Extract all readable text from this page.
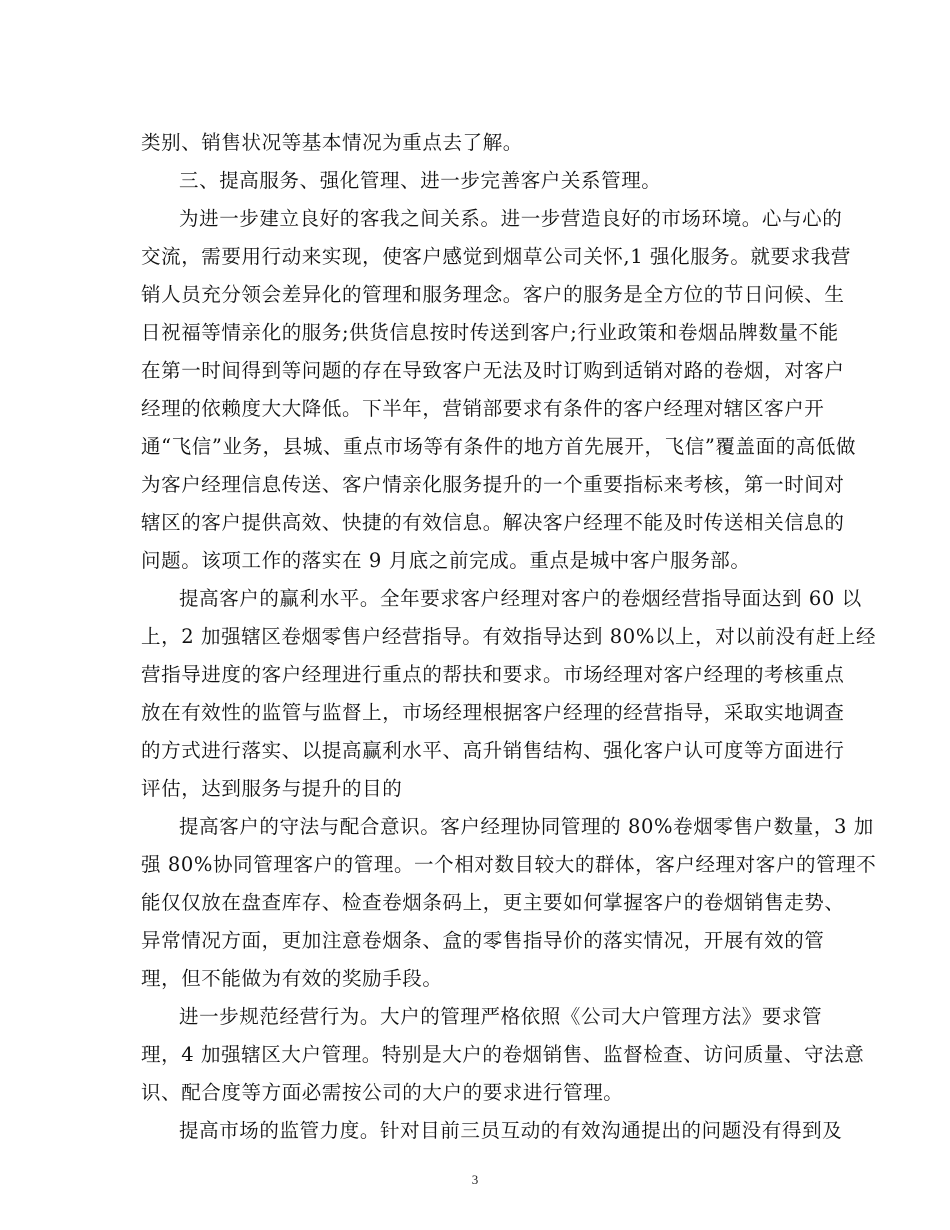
类别、销售状况等基本情况为重点去了解。
三、提高服务、强化管理、进一步完善客户关系管理。
为进一步建立良好的客我之间关系。进一步营造良好的市场环境。心与心的
交流，需要用行动来实现，使客户感觉到烟草公司关怀,1 强化服务。就要求我营
销人员充分领会差异化的管理和服务理念。客户的服务是全方位的节日问候、生
日祝福等情亲化的服务;供货信息按时传送到客户;行业政策和卷烟品牌数量不能
在第一时间得到等问题的存在导致客户无法及时订购到适销对路的卷烟，对客户
经理的依赖度大大降低。下半年，营销部要求有条件的客户经理对辖区客户开
通“飞信”业务，县城、重点市场等有条件的地方首先展开，飞信”覆盖面的高低做
为客户经理信息传送、客户情亲化服务提升的一个重要指标来考核，第一时间对
辖区的客户提供高效、快捷的有效信息。解决客户经理不能及时传送相关信息的
问题。该项工作的落实在 9 月底之前完成。重点是城中客户服务部。
提高客户的赢利水平。全年要求客户经理对客户的卷烟经营指导面达到 60 以
上，2 加强辖区卷烟零售户经营指导。有效指导达到 80%以上，对以前没有赶上经
营指导进度的客户经理进行重点的帮扶和要求。市场经理对客户经理的考核重点
放在有效性的监管与监督上，市场经理根据客户经理的经营指导，采取实地调查
的方式进行落实、以提高赢利水平、高升销售结构、强化客户认可度等方面进行
评估，达到服务与提升的目的
提高客户的守法与配合意识。客户经理协同管理的 80%卷烟零售户数量，3 加
强 80%协同管理客户的管理。一个相对数目较大的群体，客户经理对客户的管理不
能仅仅放在盘查库存、检查卷烟条码上，更主要如何掌握客户的卷烟销售走势、
异常情况方面，更加注意卷烟条、盒的零售指导价的落实情况，开展有效的管
理，但不能做为有效的奖励手段。
进一步规范经营行为。大户的管理严格依照《公司大户管理方法》要求管
理，4 加强辖区大户管理。特别是大户的卷烟销售、监督检查、访问质量、守法意
识、配合度等方面必需按公司的大户的要求进行管理。
提高市场的监管力度。针对目前三员互动的有效沟通提出的问题没有得到及
3
